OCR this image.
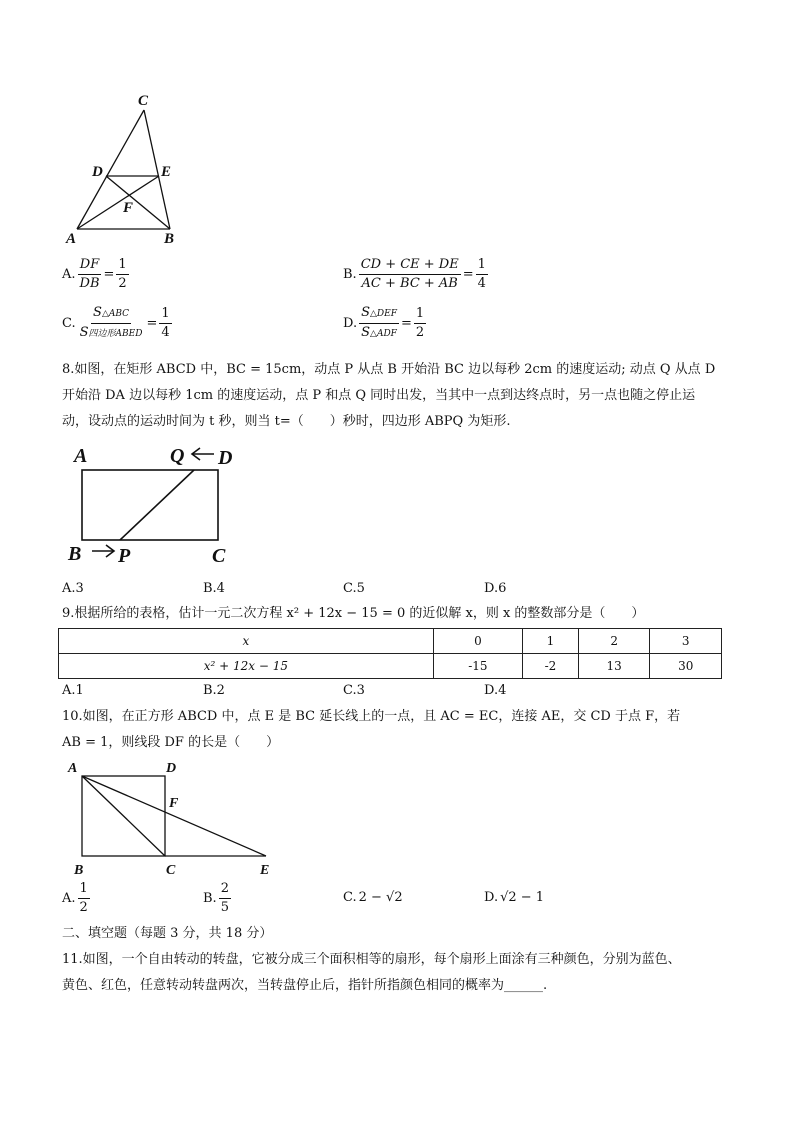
C
D	E
F
A	B
A. $\frac{DF}{DB} = \frac{1}{2}$	B. $\frac{CD + CE + DE}{AC + BC + AB} = \frac{1}{4}$
C. $\frac{\text{S△ABC}}{\text{S四边形ABED}} = \frac{1}{4}$	D. $\frac{\text{S△DEF}}{\text{S△ADF}} = \frac{1}{2}$
8.如图，在矩形 ABCD 中，BC = 15cm，动点 P 从点 B 开始沿 BC 边以每秒 2cm 的速度运动; 动点 Q 从点 D
开始沿 DA 边以每秒 1cm 的速度运动，点 P 和点 Q 同时出发，当其中一点到达终点时，另一点也随之停止运
动，设动点的运动时间为 t 秒，则当 t=（　　）秒时，四边形 ABPQ 为矩形.
A	Q D
B P	C
A.3	B.4	C.5	D.6
9.根据所给的表格，估计一元二次方程 x² + 12x − 15 = 0 的近似解 x，则 x 的整数部分是（　　）
x	0	1	2	3
x² + 12x − 15	-15	-2	13	30
A.1	B.2	C.3	D.4
10.如图，在正方形 ABCD 中，点 E 是 BC 延长线上的一点，且 AC = EC，连接 AE，交 CD 于点 F，若
AB = 1，则线段 DF 的长是（　　）
A	D
F
B	C	E
A. $\frac{1}{2}$	B. $\frac{2}{5}$	C. 2 − √2	D. √2 − 1
二、填空题（每题 3 分，共 18 分）
11.如图，一个自由转动的转盘，它被分成三个面积相等的扇形，每个扇形上面涂有三种颜色，分别为蓝色、
黄色、红色，任意转动转盘两次，当转盘停止后，指针所指颜色相同的概率为______.
